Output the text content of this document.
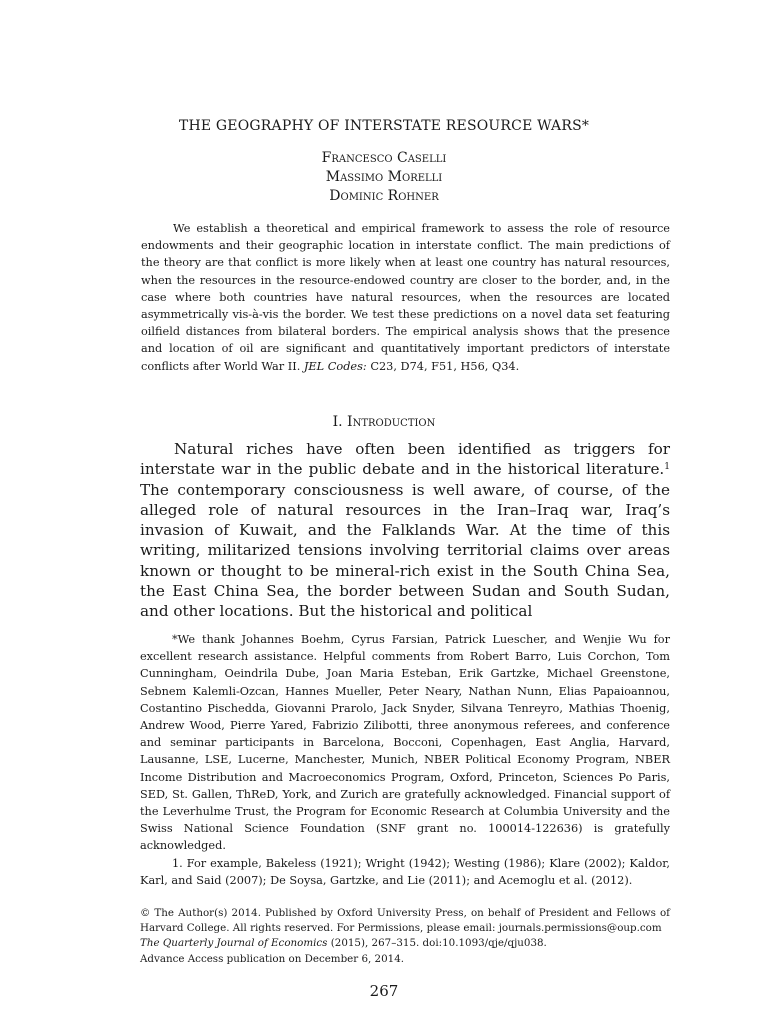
THE GEOGRAPHY OF INTERSTATE RESOURCE WARS*
Francesco Caselli
Massimo Morelli
Dominic Rohner
We establish a theoretical and empirical framework to assess the role of resource endowments and their geographic location in interstate conflict. The main predictions of the theory are that conflict is more likely when at least one country has natural resources, when the resources in the resource-endowed country are closer to the border, and, in the case where both countries have natural resources, when the resources are located asymmetrically vis-à-vis the border. We test these predictions on a novel data set featuring oilfield distances from bilateral borders. The empirical analysis shows that the presence and location of oil are significant and quantitatively important predictors of interstate conflicts after World War II. JEL Codes: C23, D74, F51, H56, Q34.
I. Introduction
Natural riches have often been identified as triggers for interstate war in the public debate and in the historical literature.$^1$ The contemporary consciousness is well aware, of course, of the alleged role of natural resources in the Iran–Iraq war, Iraq’s invasion of Kuwait, and the Falklands War. At the time of this writing, militarized tensions involving territorial claims over areas known or thought to be mineral-rich exist in the South China Sea, the East China Sea, the border between Sudan and South Sudan, and other locations. But the historical and political

*We thank Johannes Boehm, Cyrus Farsian, Patrick Luescher, and Wenjie Wu for excellent research assistance. Helpful comments from Robert Barro, Luis Corchon, Tom Cunningham, Oeindrila Dube, Joan Maria Esteban, Erik Gartzke, Michael Greenstone, Sebnem Kalemli-Ozcan, Hannes Mueller, Peter Neary, Nathan Nunn, Elias Papaioannou, Costantino Pischedda, Giovanni Prarolo, Jack Snyder, Silvana Tenreyro, Mathias Thoenig, Andrew Wood, Pierre Yared, Fabrizio Zilibotti, three anonymous referees, and conference and seminar participants in Barcelona, Bocconi, Copenhagen, East Anglia, Harvard, Lausanne, LSE, Lucerne, Manchester, Munich, NBER Political Economy Program, NBER Income Distribution and Macroeconomics Program, Oxford, Princeton, Sciences Po Paris, SED, St. Gallen, ThReD, York, and Zurich are gratefully acknowledged. Financial support of the Leverhulme Trust, the Program for Economic Research at Columbia University and the Swiss National Science Foundation (SNF grant no. 100014-122636) is gratefully acknowledged.

1. For example, Bakeless (1921); Wright (1942); Westing (1986); Klare (2002); Kaldor, Karl, and Said (2007); De Soysa, Gartzke, and Lie (2011); and Acemoglu et al. (2012).

© The Author(s) 2014. Published by Oxford University Press, on behalf of President and Fellows of Harvard College. All rights reserved. For Permissions, please email: journals.permissions@oup.com

The Quarterly Journal of Economics (2015), 267–315. doi:10.1093/qje/qju038.

Advance Access publication on December 6, 2014.

267
